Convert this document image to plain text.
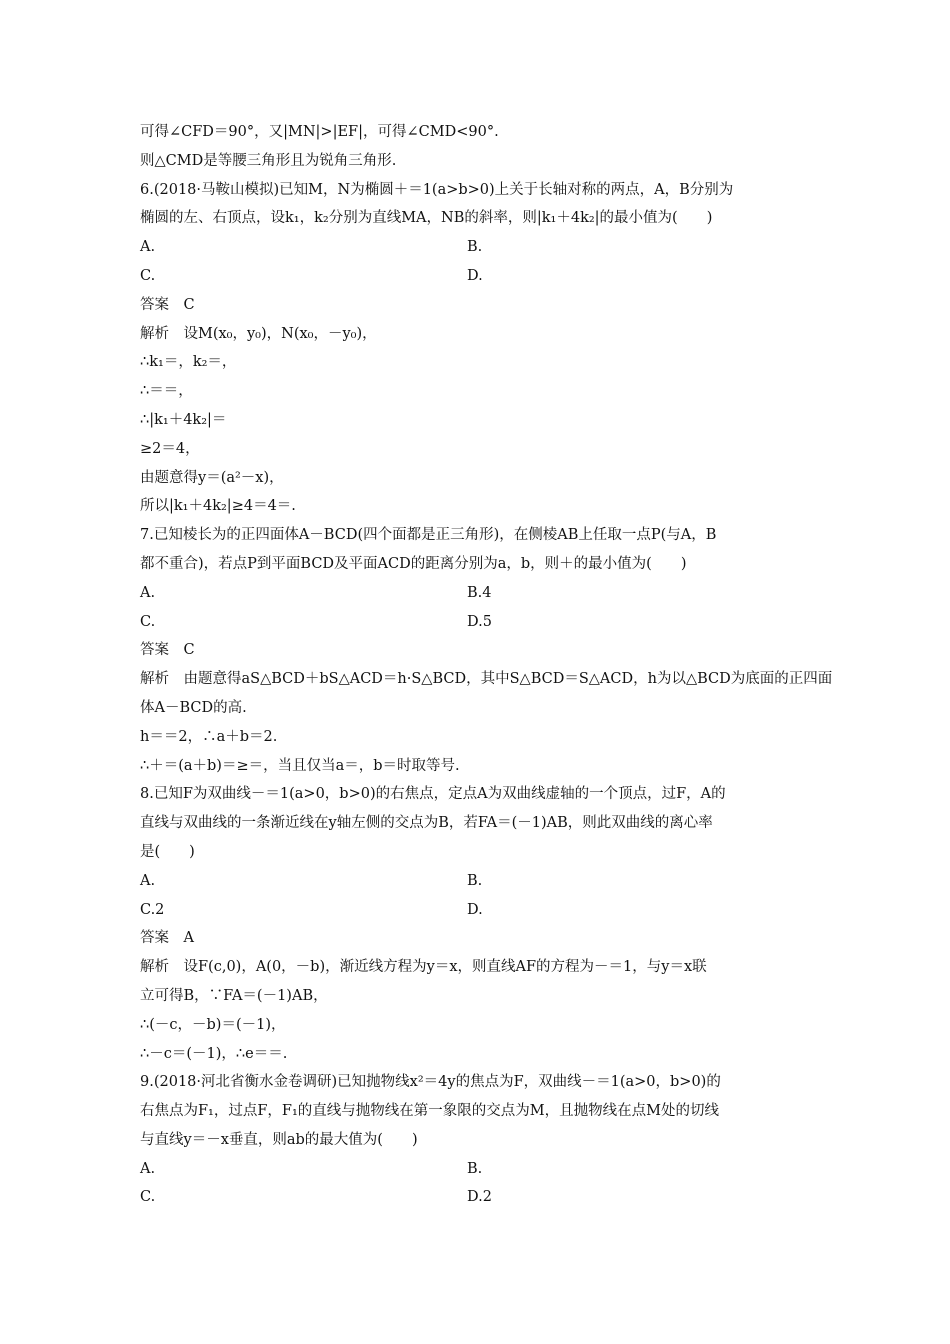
可得∠CFD＝90°，又|MN|>|EF|，可得∠CMD<90°.
则△CMD是等腰三角形且为锐角三角形.
6.(2018·马鞍山模拟)已知M，N为椭圆＋＝1(a>b>0)上关于长轴对称的两点，A，B分别为
椭圆的左、右顶点，设k₁，k₂分别为直线MA，NB的斜率，则|k₁＋4k₂|的最小值为(　　)
A.	B.
C.	D.
答案　C
解析　设M(x₀，y₀)，N(x₀，－y₀)，
∴k₁＝，k₂＝，
∴＝＝，
∴|k₁＋4k₂|＝
≥2＝4，
由题意得y＝(a²－x)，
所以|k₁＋4k₂|≥4＝4＝.
7.已知棱长为的正四面体A－BCD(四个面都是正三角形)，在侧棱AB上任取一点P(与A，B
都不重合)，若点P到平面BCD及平面ACD的距离分别为a，b，则＋的最小值为(　　)
A.	B.4
C.	D.5
答案　C
解析　由题意得aS△BCD＋bS△ACD＝h·S△BCD，其中S△BCD＝S△ACD，h为以△BCD为底面的正四面
体A－BCD的高.
h＝＝2，∴a＋b＝2.
∴＋＝(a＋b)＝≥＝，当且仅当a＝，b＝时取等号.
8.已知F为双曲线－＝1(a>0，b>0)的右焦点，定点A为双曲线虚轴的一个顶点，过F，A的
直线与双曲线的一条渐近线在y轴左侧的交点为B，若FA＝(－1)AB，则此双曲线的离心率
是(　　)
A.	B.
C.2	D.
答案　A
解析　设F(c,0)，A(0，－b)，渐近线方程为y＝x，则直线AF的方程为－＝1，与y＝x联
立可得B，∵FA＝(－1)AB，
∴(－c，－b)＝(－1)，
∴－c＝(－1)，∴e＝＝.
9.(2018·河北省衡水金卷调研)已知抛物线x²＝4y的焦点为F，双曲线－＝1(a>0，b>0)的
右焦点为F₁，过点F，F₁的直线与抛物线在第一象限的交点为M，且抛物线在点M处的切线
与直线y＝－x垂直，则ab的最大值为(　　)
A.	B.
C.	D.2
